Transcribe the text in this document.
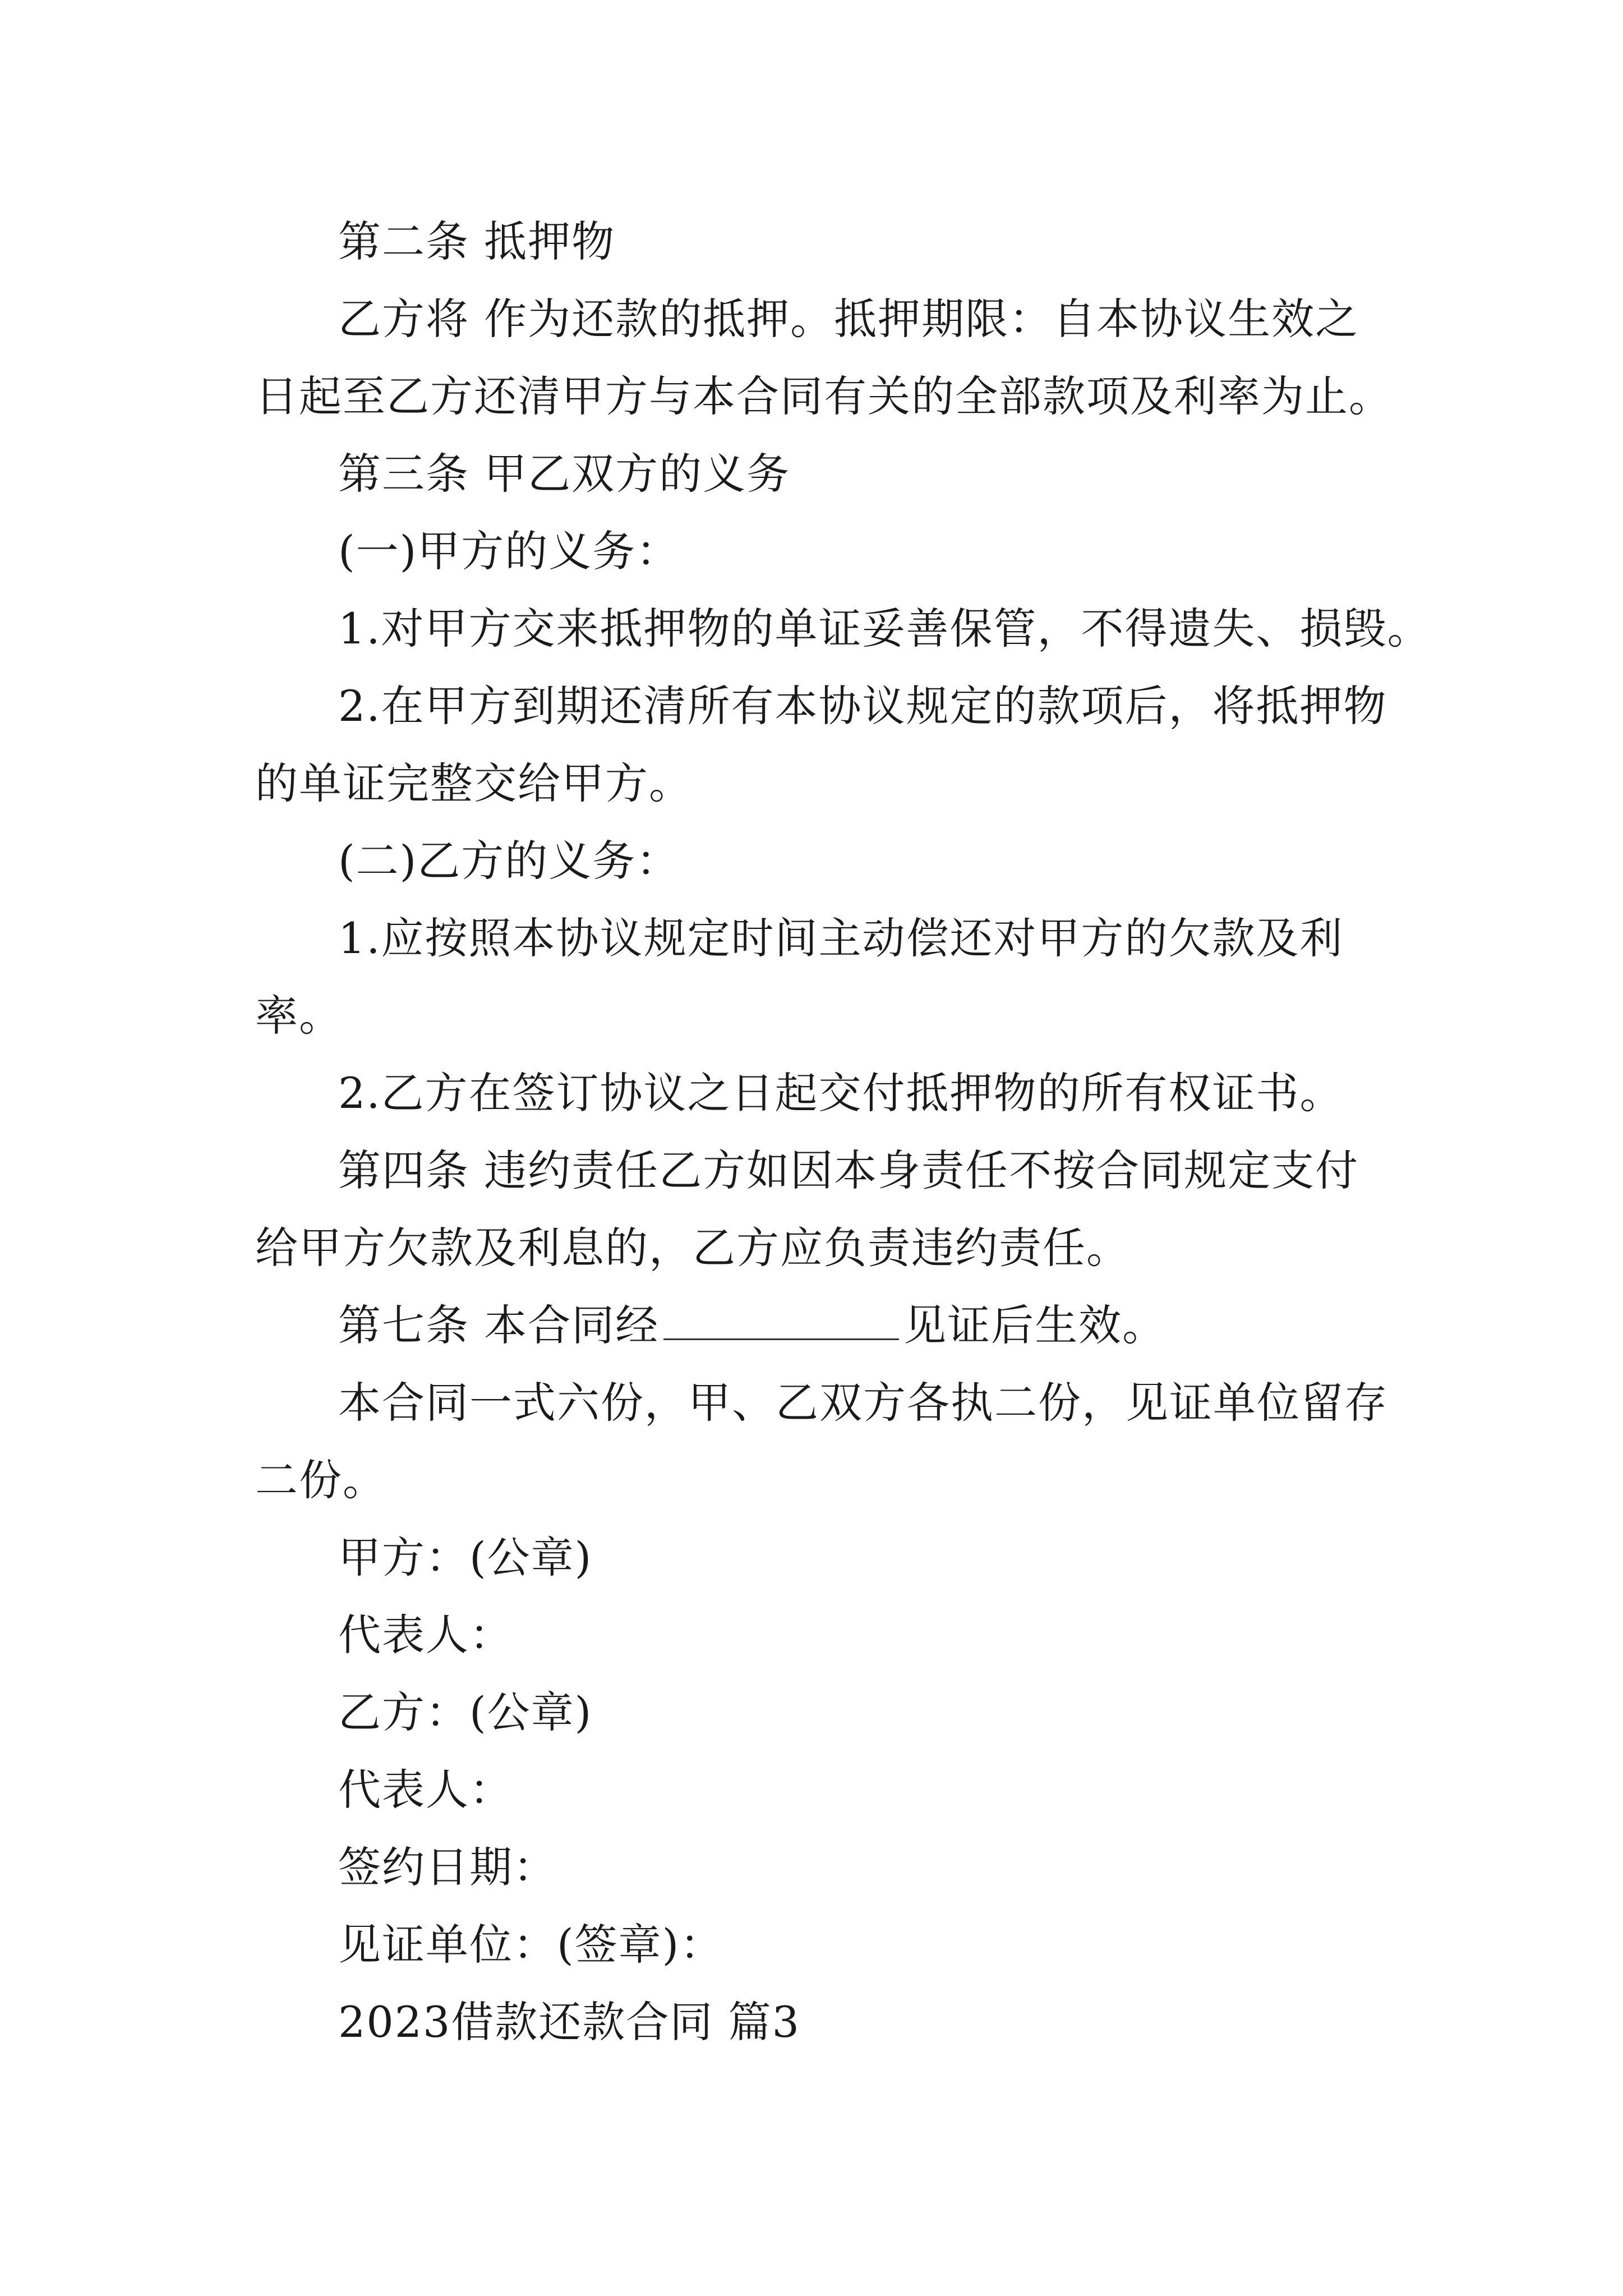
第二条 抵押物
乙方将 作为还款的抵押。抵押期限：自本协议生效之
日起至乙方还清甲方与本合同有关的全部款项及利率为止。
第三条 甲乙双方的义务
(一)甲方的义务：
1.对甲方交来抵押物的单证妥善保管，不得遗失、损毁。
2.在甲方到期还清所有本协议规定的款项后，将抵押物
的单证完整交给甲方。
(二)乙方的义务：
1.应按照本协议规定时间主动偿还对甲方的欠款及利
率。
2.乙方在签订协议之日起交付抵押物的所有权证书。
第四条 违约责任乙方如因本身责任不按合同规定支付
给甲方欠款及利息的，乙方应负责违约责任。
第七条 本合同经	见证后生效。
本合同一式六份，甲、乙双方各执二份，见证单位留存
二份。
甲方：(公章)
代表人：
乙方：(公章)
代表人：
签约日期：
见证单位：(签章)：
2023借款还款合同 篇3
